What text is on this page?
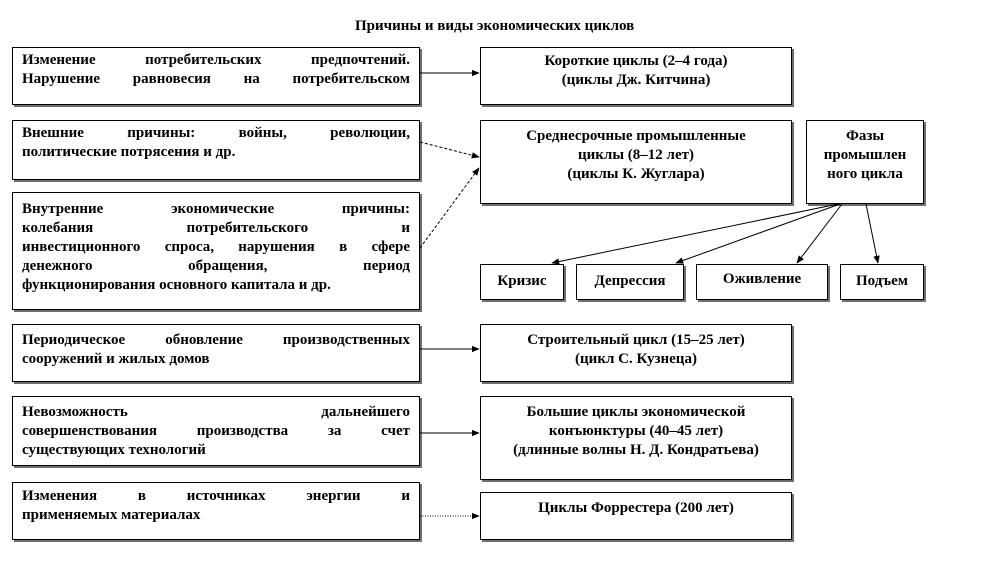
Причины и виды экономических циклов
Изменение потребительских предпочтений.
Нарушение равновесия на потребительском
Внешние причины: войны, революции,
политические потрясения и др.
Внутренние экономические причины:
колебания потребительского и
инвестиционного спроса, нарушения в сфере
денежного обращения, период
функционирования основного капитала и др.
Периодическое обновление производственных
сооружений и жилых домов
Невозможность дальнейшего
совершенствования производства за счет
существующих технологий
Изменения в источниках энергии и
применяемых материалах
Короткие циклы (2–4 года)
(циклы Дж. Китчина)
Среднесрочные промышленные
циклы (8–12 лет)
(циклы К. Жуглара)
Фазы
промышлен
ного цикла
Кризис	Депрессия	Оживление	Подъем
Строительный цикл (15–25 лет)
(цикл С. Кузнеца)
Большие циклы экономической
конъюнктуры (40–45 лет)
(длинные волны Н. Д. Кондратьева)
Циклы Форрестера (200 лет)
